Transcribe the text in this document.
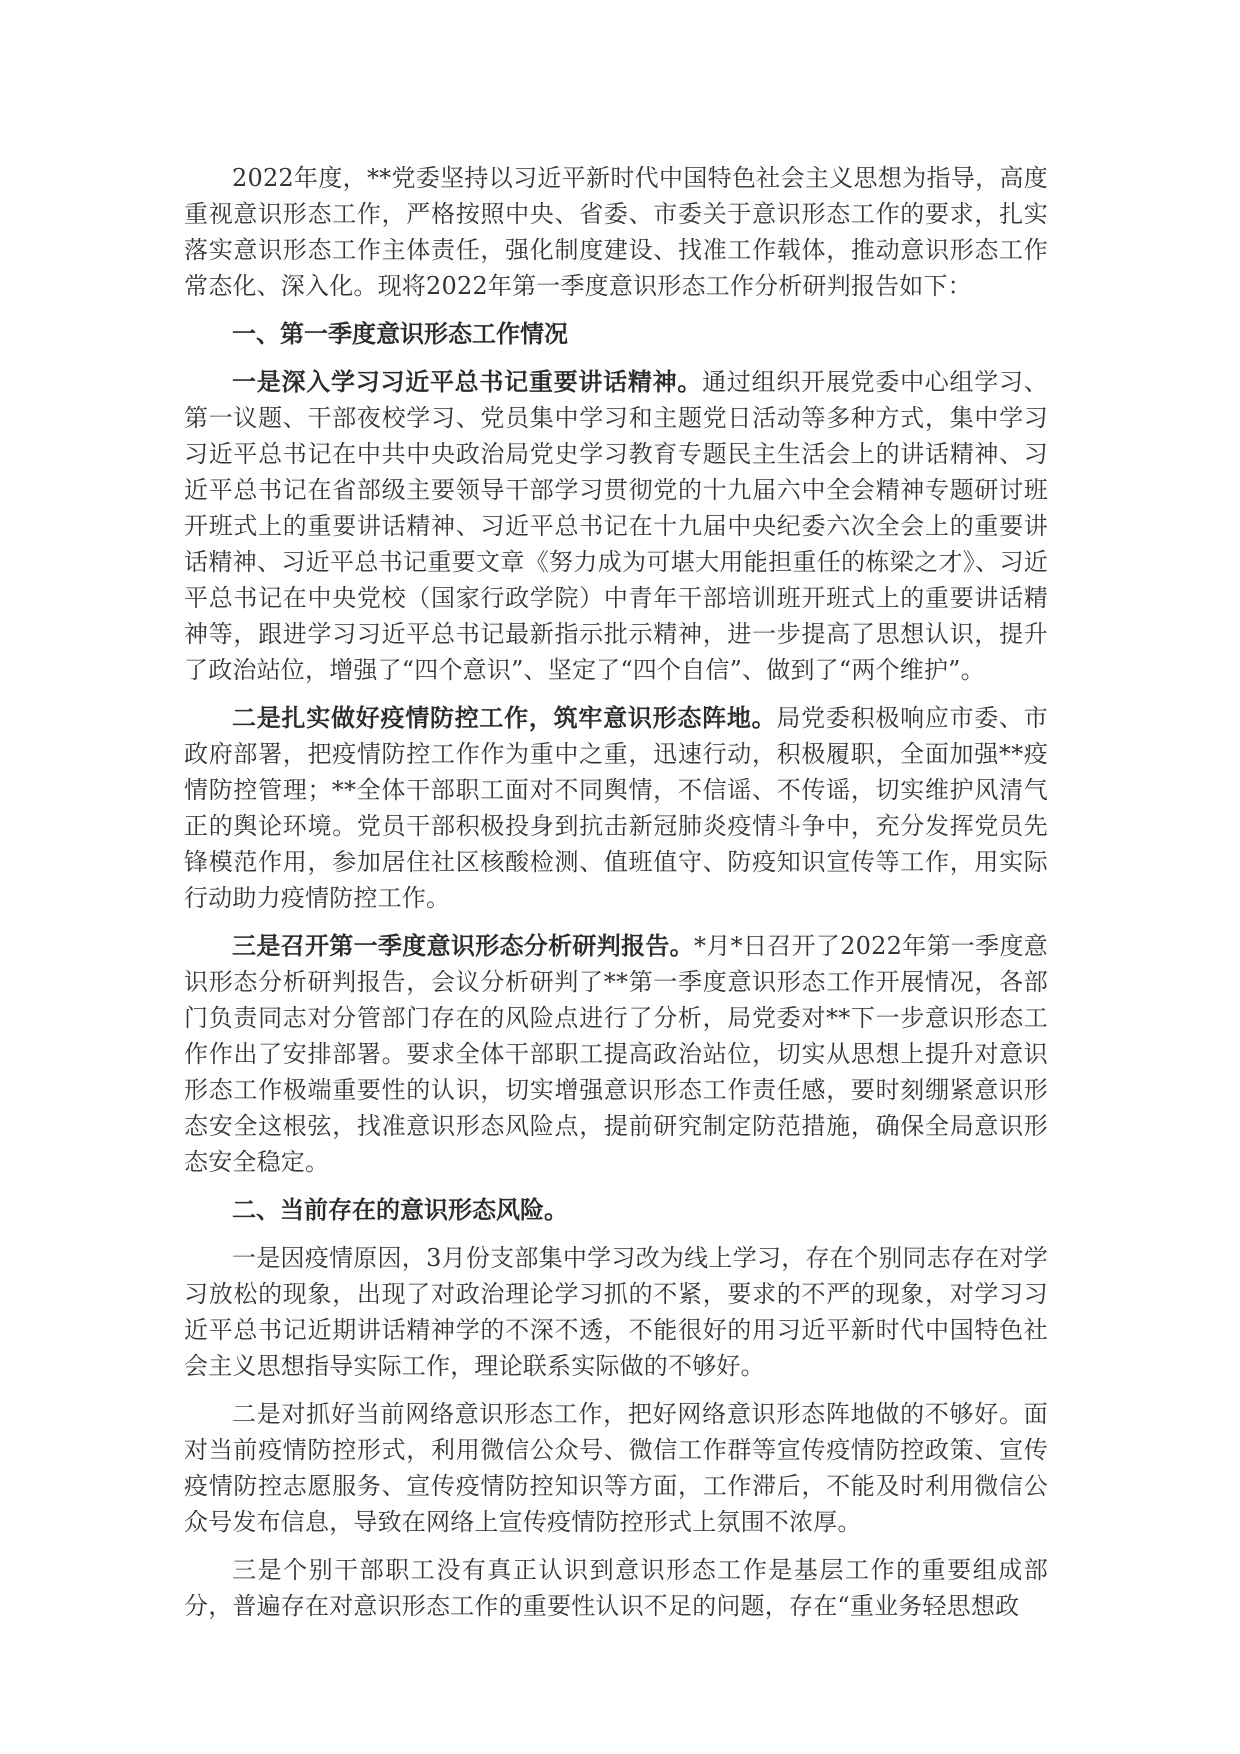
2022年度，**党委坚持以习近平新时代中国特色社会主义思想为指导，高度重视意识形态工作，严格按照中央、省委、市委关于意识形态工作的要求，扎实落实意识形态工作主体责任，强化制度建设、找准工作载体，推动意识形态工作常态化、深入化。现将2022年第一季度意识形态工作分析研判报告如下：

一、第一季度意识形态工作情况

一是深入学习习近平总书记重要讲话精神。通过组织开展党委中心组学习、第一议题、干部夜校学习、党员集中学习和主题党日活动等多种方式，集中学习习近平总书记在中共中央政治局党史学习教育专题民主生活会上的讲话精神、习近平总书记在省部级主要领导干部学习贯彻党的十九届六中全会精神专题研讨班开班式上的重要讲话精神、习近平总书记在十九届中央纪委六次全会上的重要讲话精神、习近平总书记重要文章《努力成为可堪大用能担重任的栋梁之才》、习近平总书记在中央党校（国家行政学院）中青年干部培训班开班式上的重要讲话精神等，跟进学习习近平总书记最新指示批示精神，进一步提高了思想认识，提升了政治站位，增强了“四个意识”、坚定了“四个自信”、做到了“两个维护”。

二是扎实做好疫情防控工作，筑牢意识形态阵地。局党委积极响应市委、市政府部署，把疫情防控工作作为重中之重，迅速行动，积极履职，全面加强**疫情防控管理；**全体干部职工面对不同舆情，不信谣、不传谣，切实维护风清气正的舆论环境。党员干部积极投身到抗击新冠肺炎疫情斗争中，充分发挥党员先锋模范作用，参加居住社区核酸检测、值班值守、防疫知识宣传等工作，用实际行动助力疫情防控工作。

三是召开第一季度意识形态分析研判报告。*月*日召开了2022年第一季度意识形态分析研判报告，会议分析研判了**第一季度意识形态工作开展情况，各部门负责同志对分管部门存在的风险点进行了分析，局党委对**下一步意识形态工作作出了安排部署。要求全体干部职工提高政治站位，切实从思想上提升对意识形态工作极端重要性的认识，切实增强意识形态工作责任感，要时刻绷紧意识形态安全这根弦，找准意识形态风险点，提前研究制定防范措施，确保全局意识形态安全稳定。

二、当前存在的意识形态风险。

一是因疫情原因，3月份支部集中学习改为线上学习，存在个别同志存在对学习放松的现象，出现了对政治理论学习抓的不紧，要求的不严的现象，对学习习近平总书记近期讲话精神学的不深不透，不能很好的用习近平新时代中国特色社会主义思想指导实际工作，理论联系实际做的不够好。

二是对抓好当前网络意识形态工作，把好网络意识形态阵地做的不够好。面对当前疫情防控形式，利用微信公众号、微信工作群等宣传疫情防控政策、宣传疫情防控志愿服务、宣传疫情防控知识等方面，工作滞后，不能及时利用微信公众号发布信息，导致在网络上宣传疫情防控形式上氛围不浓厚。

三是个别干部职工没有真正认识到意识形态工作是基层工作的重要组成部分，普遍存在对意识形态工作的重要性认识不足的问题，存在“重业务轻思想政
